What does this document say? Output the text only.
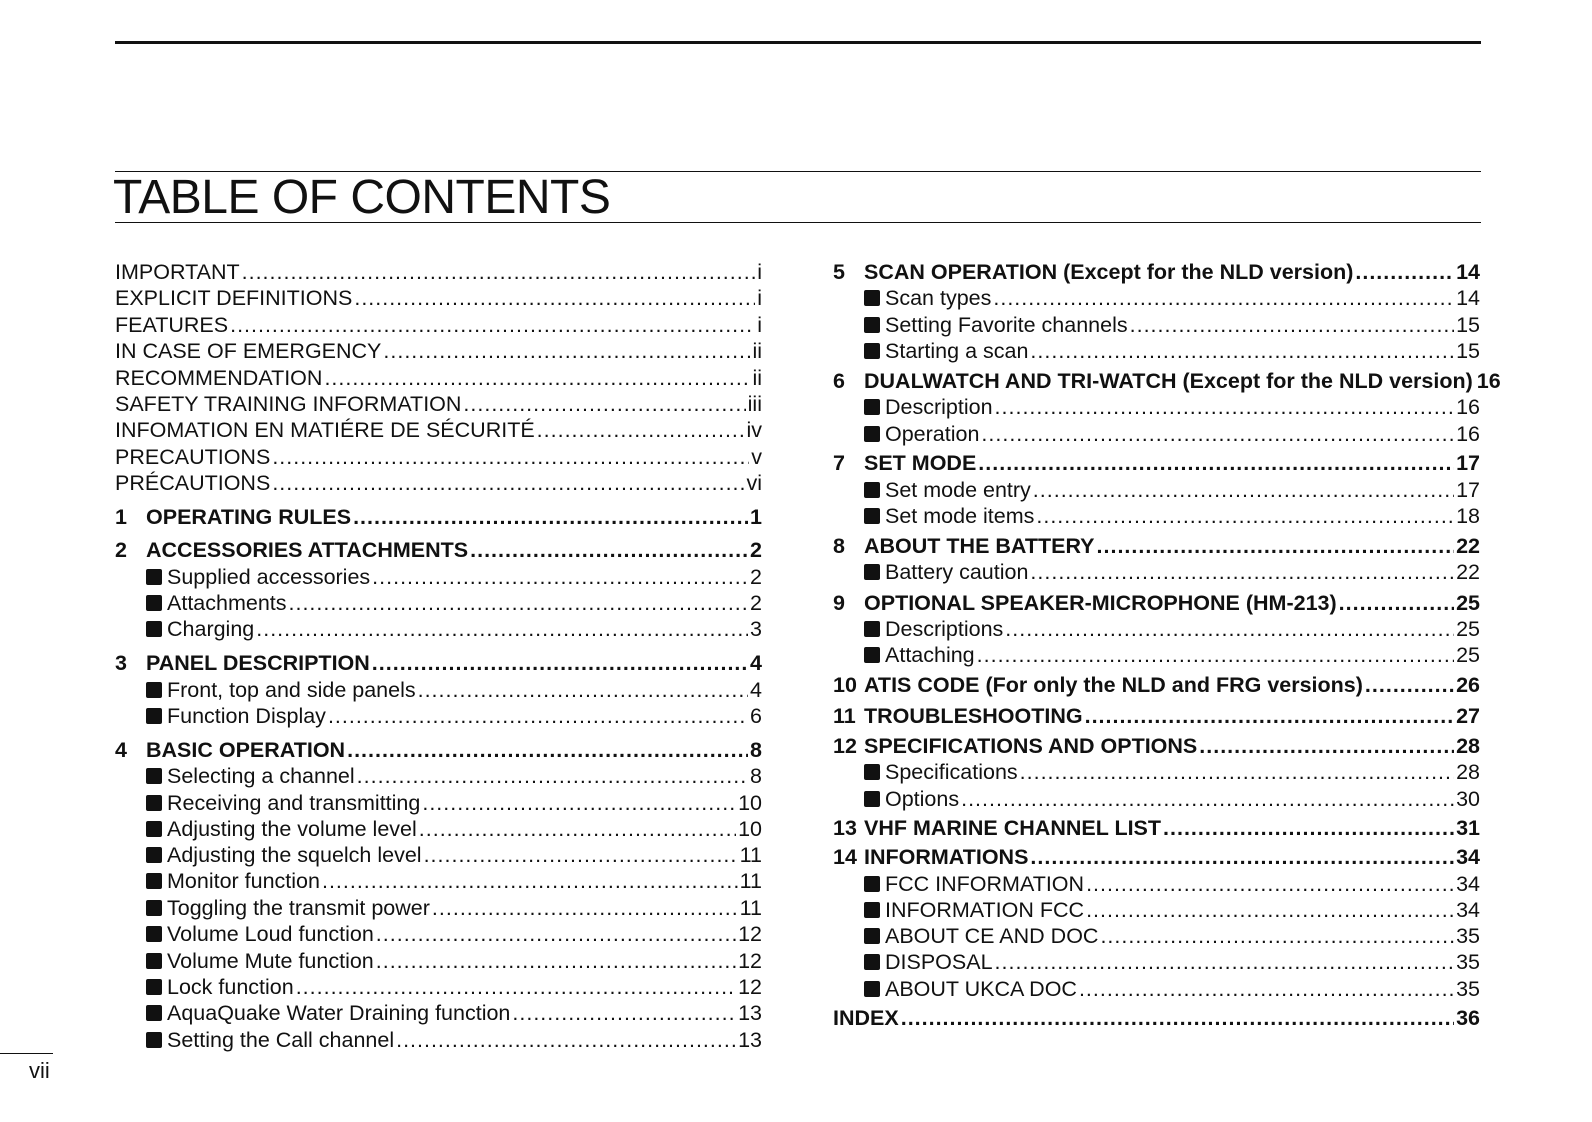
TABLE OF CONTENTS
IMPORTANT .....	i
EXPLICIT DEFINITIONS .....	i
FEATURES .....	i
IN CASE OF EMERGENCY .....	ii
RECOMMENDATION .....	ii
SAFETY TRAINING INFORMATION .....	iii
INFOMATION EN MATIÉRE DE SÉCURITÉ .....	iv
PRECAUTIONS .....	v
PRÉCAUTIONS .....	vi
1 OPERATING RULES .....	1
2 ACCESSORIES ATTACHMENTS .....	2
Supplied accessories .....	2
Attachments .....	2
Charging .....	3
3 PANEL DESCRIPTION .....	4
Front, top and side panels .....	4
Function Display .....	6
4 BASIC OPERATION .....	8
Selecting a channel .....	8
Receiving and transmitting .....	10
Adjusting the volume level .....	10
Adjusting the squelch level .....	11
Monitor function .....	11
Toggling the transmit power .....	11
Volume Loud function .....	12
Volume Mute function .....	12
Lock function .....	12
AquaQuake Water Draining function .....	13
Setting the Call channel .....	13
5 SCAN OPERATION (Except for the NLD version) .....	14
Scan types .....	14
Setting Favorite channels .....	15
Starting a scan .....	15
6 DUALWATCH AND TRI-WATCH (Except for the NLD version) 16
Description .....	16
Operation .....	16
7 SET MODE .....	17
Set mode entry .....	17
Set mode items .....	18
8 ABOUT THE BATTERY .....	22
Battery caution .....	22
9 OPTIONAL SPEAKER-MICROPHONE (HM-213) .....	25
Descriptions .....	25
Attaching .....	25
10 ATIS CODE (For only the NLD and FRG versions) .....	26
11 TROUBLESHOOTING .....	27
12 SPECIFICATIONS AND OPTIONS .....	28
Specifications .....	28
Options .....	30
13 VHF MARINE CHANNEL LIST .....	31
14 INFORMATIONS .....	34
FCC INFORMATION .....	34
INFORMATION FCC .....	34
ABOUT CE AND DOC .....	35
DISPOSAL .....	35
ABOUT UKCA DOC .....	35
INDEX .....	36
vii
